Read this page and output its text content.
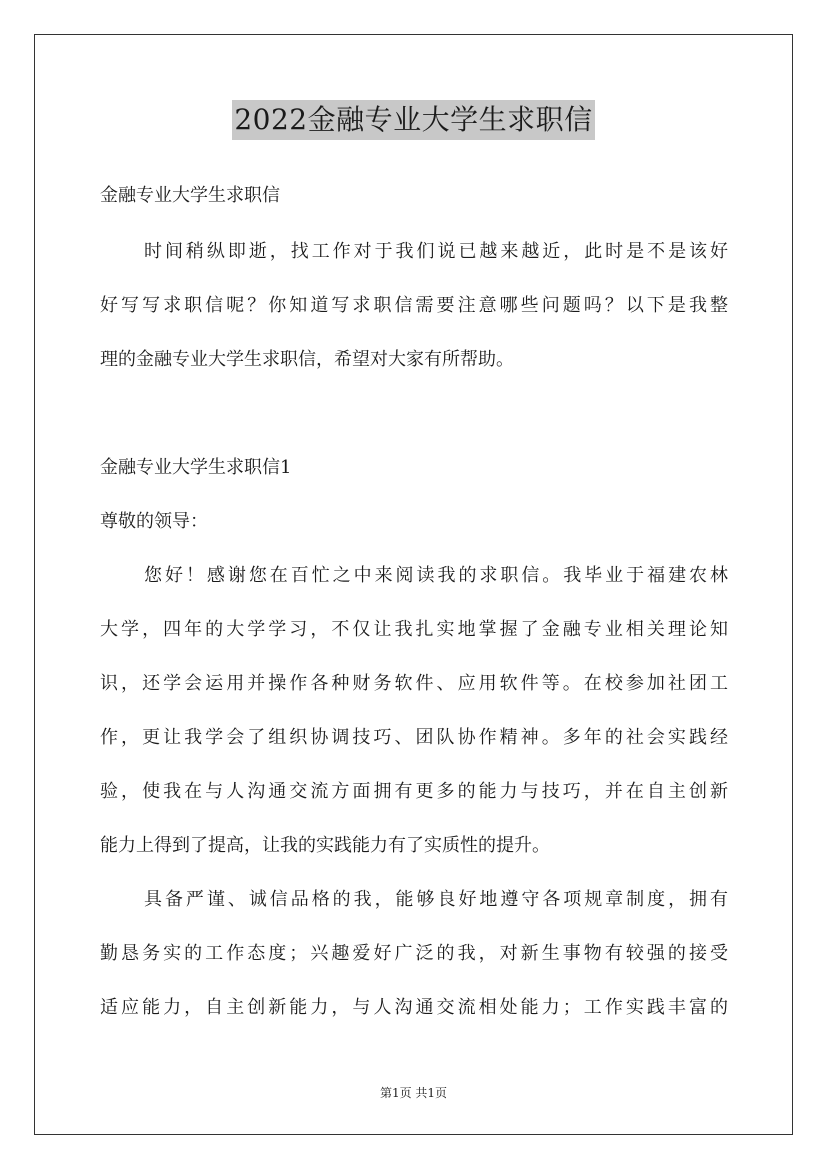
2022金融专业大学生求职信
金融专业大学生求职信
时间稍纵即逝，找工作对于我们说已越来越近，此时是不是该好
好写写求职信呢？你知道写求职信需要注意哪些问题吗？以下是我整
理的金融专业大学生求职信，希望对大家有所帮助。
金融专业大学生求职信1
尊敬的领导：
您好！感谢您在百忙之中来阅读我的求职信。我毕业于福建农林
大学，四年的大学学习，不仅让我扎实地掌握了金融专业相关理论知
识，还学会运用并操作各种财务软件、应用软件等。在校参加社团工
作，更让我学会了组织协调技巧、团队协作精神。多年的社会实践经
验，使我在与人沟通交流方面拥有更多的能力与技巧，并在自主创新
能力上得到了提高，让我的实践能力有了实质性的提升。
具备严谨、诚信品格的我，能够良好地遵守各项规章制度，拥有
勤恳务实的工作态度；兴趣爱好广泛的我，对新生事物有较强的接受
适应能力，自主创新能力，与人沟通交流相处能力；工作实践丰富的
第1页 共1页
